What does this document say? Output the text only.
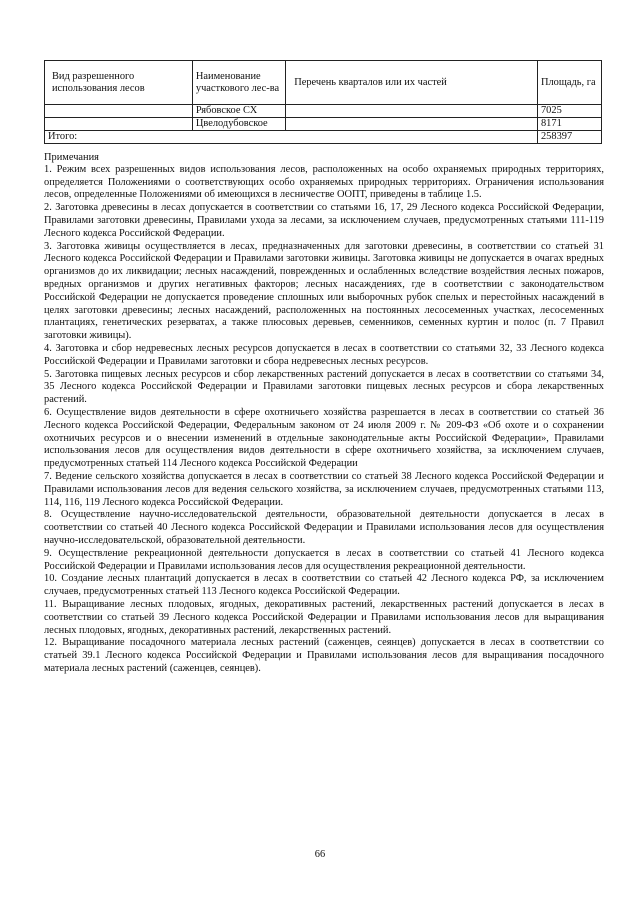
Вид разрешенного использования лесов	Наименование участкового лес-ва	Перечень кварталов или их частей	Площадь, га
	Рябовское СХ		7025
	Цвелодубовское		8171
Итого:			258397
Примечания
1. Режим всех разрешенных видов использования лесов, расположенных на особо охраняемых природных территориях, определяется Положениями о соответствующих особо охраняемых природных территориях. Ограничения использования лесов, определенные Положениями об имеющихся в лесничестве ООПТ, приведены в таблице 1.5.
2. Заготовка древесины в лесах допускается в соответствии со статьями 16, 17, 29 Лесного кодекса Российской Федерации, Правилами заготовки древесины, Правилами ухода за лесами, за исключением случаев, предусмотренных статьями 111-119 Лесного кодекса Российской Федерации.
3. Заготовка живицы осуществляется в лесах, предназначенных для заготовки древесины, в соответствии со статьей 31 Лесного кодекса Российской Федерации и Правилами заготовки живицы. Заготовка живицы не допускается в очагах вредных организмов до их ликвидации; лесных насаждений, поврежденных и ослабленных вследствие воздействия лесных пожаров, вредных организмов и других негативных факторов; лесных насаждениях, где в соответствии с законодательством Российской Федерации не допускается проведение сплошных или выборочных рубок спелых и перестойных насаждений в целях заготовки древесины; лесных насаждений, расположенных на постоянных лесосеменных участках, лесосеменных плантациях, генетических резерватах, а также плюсовых деревьев, семенников, семенных куртин и полос (п. 7 Правил заготовки живицы).
4. Заготовка и сбор недревесных лесных ресурсов допускается в лесах в соответствии со статьями 32, 33 Лесного кодекса Российской Федерации и Правилами заготовки и сбора недревесных лесных ресурсов.
5. Заготовка пищевых лесных ресурсов и сбор лекарственных растений допускается в лесах в соответствии со статьями 34, 35 Лесного кодекса Российской Федерации и Правилами заготовки пищевых лесных ресурсов и сбора лекарственных растений.
6. Осуществление видов деятельности в сфере охотничьего хозяйства разрешается в лесах в соответствии со статьей 36 Лесного кодекса Российской Федерации, Федеральным законом от 24 июля 2009 г. № 209-ФЗ «Об охоте и о сохранении охотничьих ресурсов и о внесении изменений в отдельные законодательные акты Российской Федерации», Правилами использования лесов для осуществления видов деятельности в сфере охотничьего хозяйства, за исключением случаев, предусмотренных статьей 114 Лесного кодекса Российской Федерации
7. Ведение сельского хозяйства допускается в лесах в соответствии со статьей 38 Лесного кодекса Российской Федерации и Правилами использования лесов для ведения сельского хозяйства, за исключением случаев, предусмотренных статьями 113, 114, 116, 119 Лесного кодекса Российской Федерации.
8. Осуществление научно-исследовательской деятельности, образовательной деятельности допускается в лесах в соответствии со статьей 40 Лесного кодекса Российской Федерации и Правилами использования лесов для осуществления научно-исследовательской, образовательной деятельности.
9. Осуществление рекреационной деятельности допускается в лесах в соответствии со статьей 41 Лесного кодекса Российской Федерации и Правилами использования лесов для осуществления рекреационной деятельности.
10. Создание лесных плантаций допускается в лесах в соответствии со статьей 42 Лесного кодекса РФ, за исключением случаев, предусмотренных статьей 113 Лесного кодекса Российской Федерации.
11. Выращивание лесных плодовых, ягодных, декоративных растений, лекарственных растений допускается в лесах в соответствии со статьей 39 Лесного кодекса Российской Федерации и Правилами использования лесов для выращивания лесных плодовых, ягодных, декоративных растений, лекарственных растений.
12. Выращивание посадочного материала лесных растений (саженцев, сеянцев) допускается в лесах в соответствии со статьей 39.1 Лесного кодекса Российской Федерации и Правилами использования лесов для выращивания посадочного материала лесных растений (саженцев, сеянцев).
66
